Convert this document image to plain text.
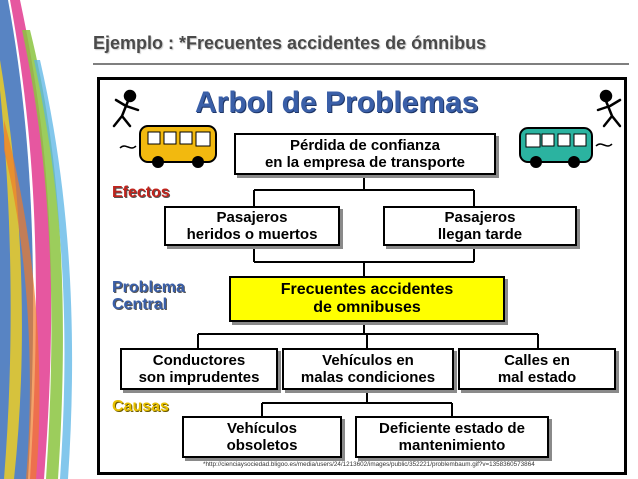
Ejemplo : *Frecuentes accidentes de ómnibus
Arbol de Problemas
Pérdida de confianza
en la empresa de transporte
Pasajeros
heridos o muertos
Pasajeros
llegan tarde
Frecuentes accidentes
de omnibuses
Conductores
son imprudentes
Vehículos en
malas condiciones
Calles en
mal estado
Vehículos
obsoletos
Deficiente estado de
mantenimiento
Efectos
Problema
Central
Causas
*http://cienciaysociedad.bligoo.es/media/users/24/1213602/images/public/352221/problembaum.gif?v=1358360573864
